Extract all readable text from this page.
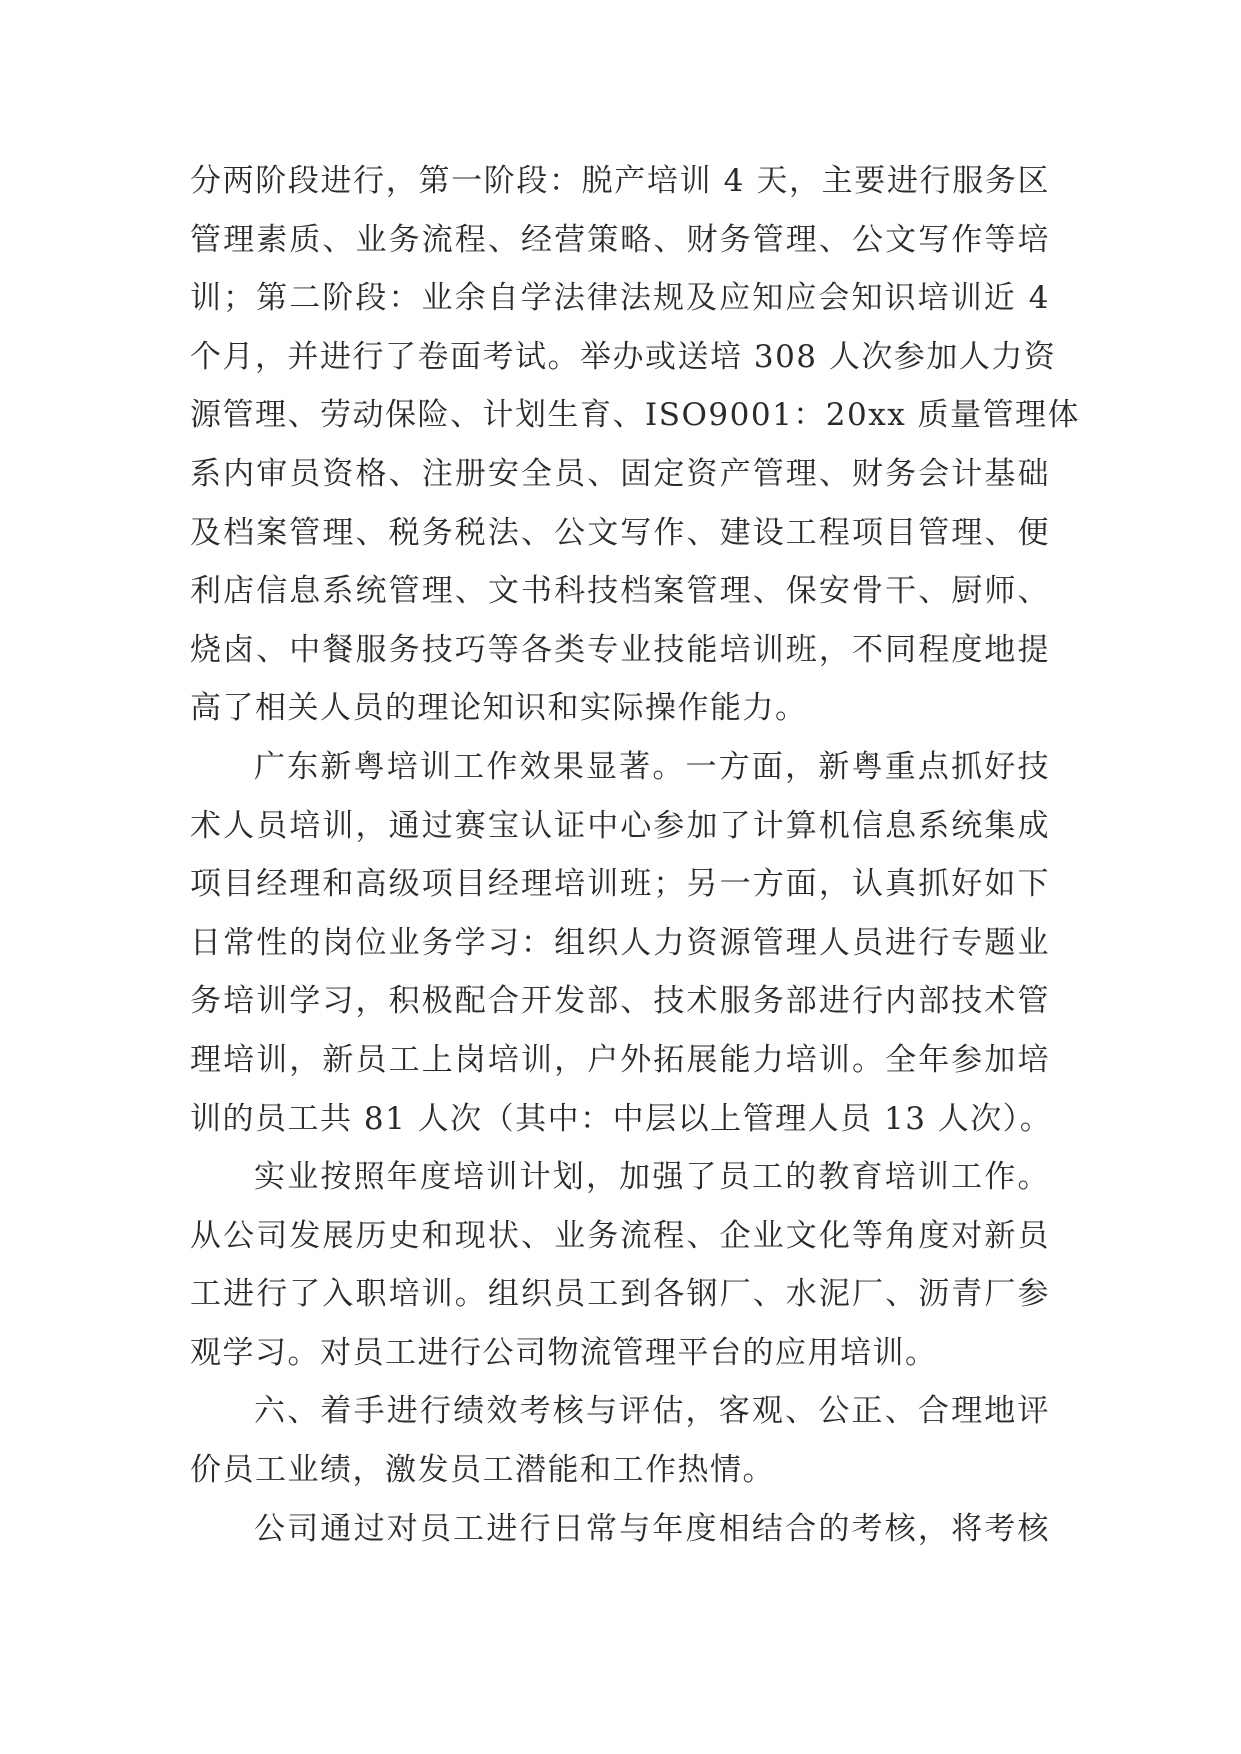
分两阶段进行，第一阶段：脱产培训 4 天，主要进行服务区
管理素质、业务流程、经营策略、财务管理、公文写作等培
训；第二阶段：业余自学法律法规及应知应会知识培训近 4
个月，并进行了卷面考试。举办或送培 308 人次参加人力资
源管理、劳动保险、计划生育、ISO9001：20xx 质量管理体
系内审员资格、注册安全员、固定资产管理、财务会计基础
及档案管理、税务税法、公文写作、建设工程项目管理、便
利店信息系统管理、文书科技档案管理、保安骨干、厨师、
烧卤、中餐服务技巧等各类专业技能培训班，不同程度地提
高了相关人员的理论知识和实际操作能力。
广东新粤培训工作效果显著。一方面，新粤重点抓好技
术人员培训，通过赛宝认证中心参加了计算机信息系统集成
项目经理和高级项目经理培训班；另一方面，认真抓好如下
日常性的岗位业务学习：组织人力资源管理人员进行专题业
务培训学习，积极配合开发部、技术服务部进行内部技术管
理培训，新员工上岗培训，户外拓展能力培训。全年参加培
训的员工共 81 人次（其中：中层以上管理人员 13 人次）。
实业按照年度培训计划，加强了员工的教育培训工作。
从公司发展历史和现状、业务流程、企业文化等角度对新员
工进行了入职培训。组织员工到各钢厂、水泥厂、沥青厂参
观学习。对员工进行公司物流管理平台的应用培训。
六、着手进行绩效考核与评估，客观、公正、合理地评
价员工业绩，激发员工潜能和工作热情。
公司通过对员工进行日常与年度相结合的考核，将考核
